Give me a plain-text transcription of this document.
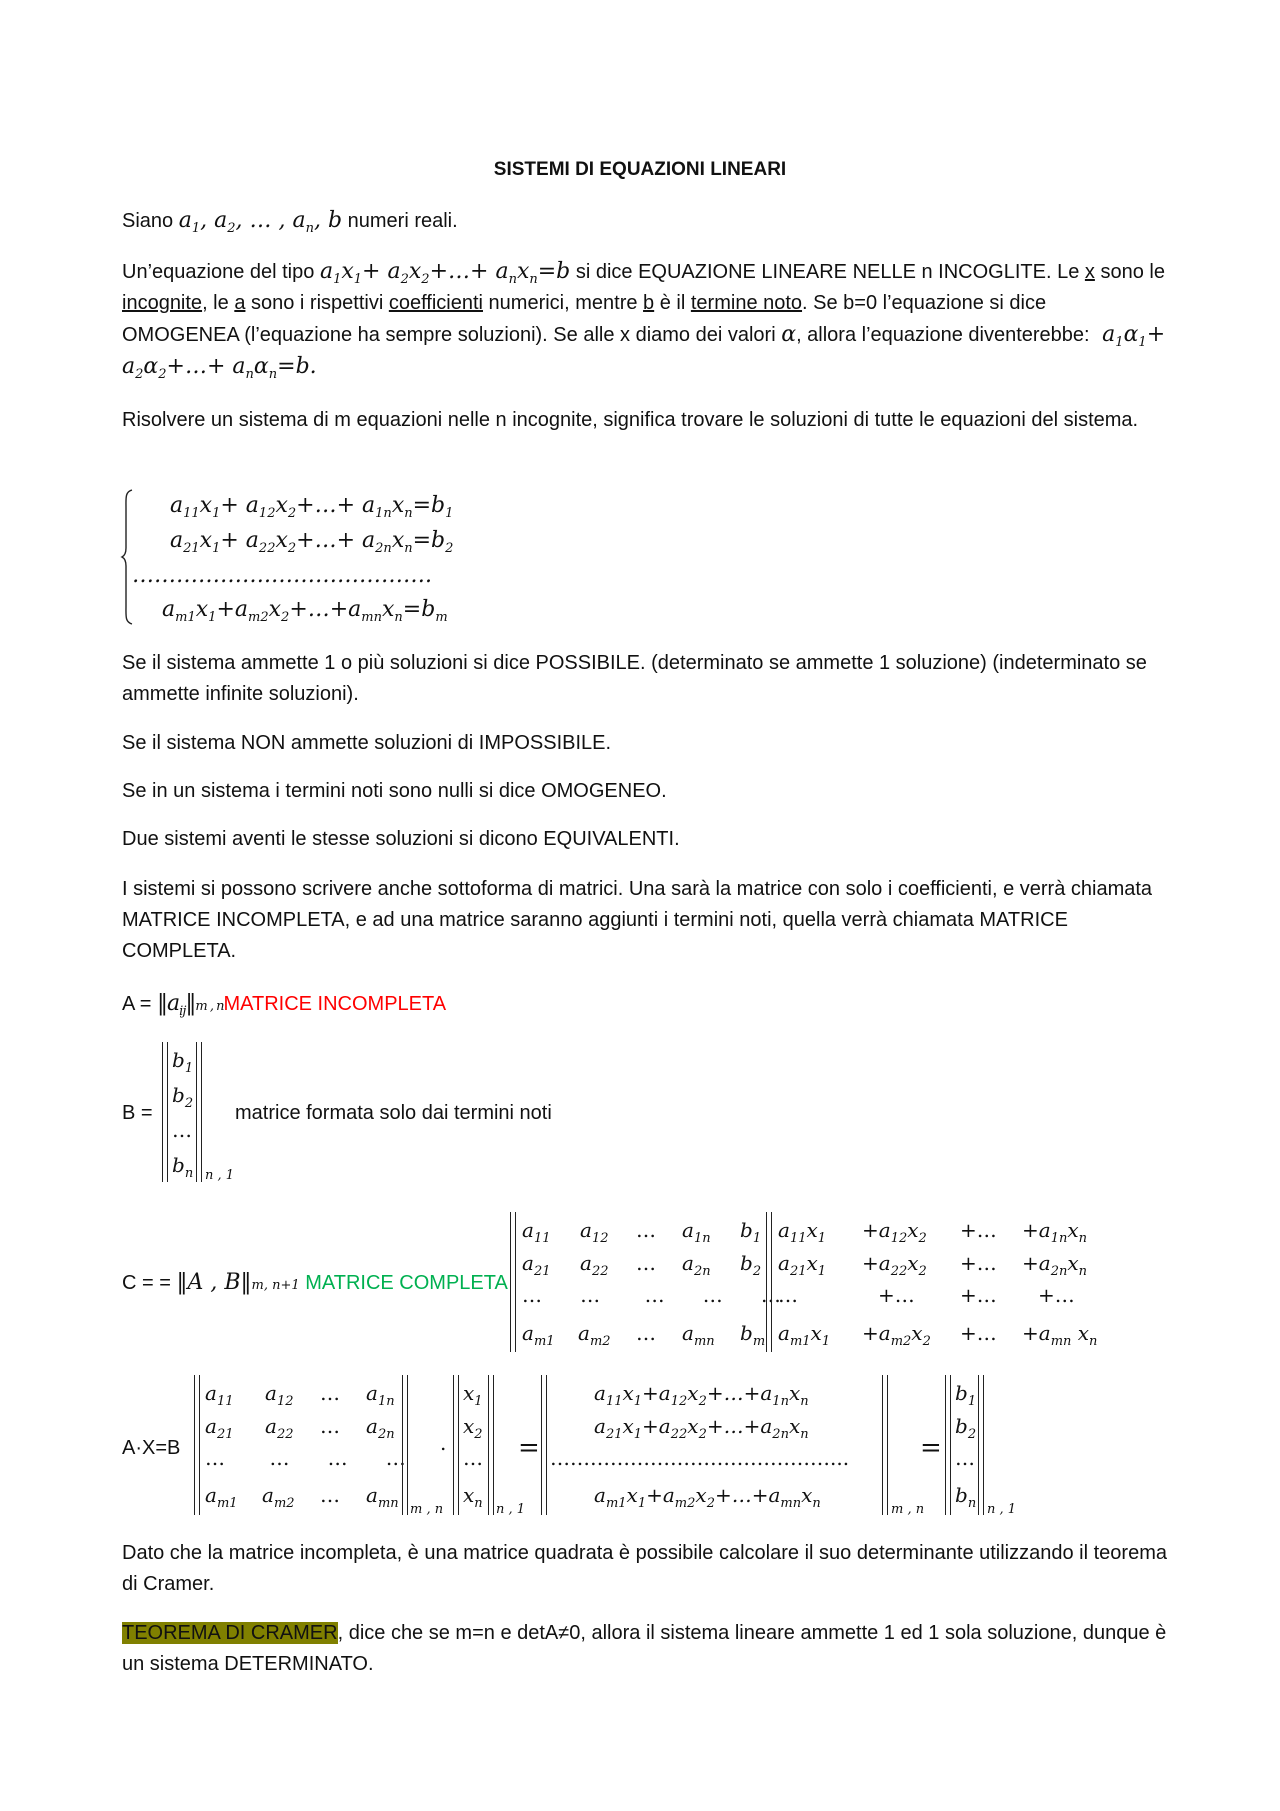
SISTEMI DI EQUAZIONI LINEARI

Siano $a_1$, $a_2$, … , $a_n$, b numeri reali.

Un’equazione del tipo $a_1x_1+$ $a_2x_2+\dots+ a_nx_n=b$ si dice EQUAZIONE LINEARE NELLE n INCOGLITE. Le x sono le incognite, le a sono i rispettivi coefficienti numerici, mentre b è il termine noto. Se b=0 l’equazione si dice OMOGENEA (l’equazione ha sempre soluzioni). Se alle x diamo dei valori α, allora l’equazione diventerebbe:  $a_1\alpha_1+$ $a_2\alpha_2+\dots+ a_n\alpha_n=b$.

Risolvere un sistema di m equazioni nelle n incognite, significa trovare le soluzioni di tutte le equazioni del sistema.

$a_{11}x_1+$ $a_{12}x_2+\dots+ a_{1n}x_n=b_1$
$a_{21}x_1+$ $a_{22}x_2+\dots+ a_{2n}x_n=b_2$
……………….………………….
$a_{m1}x_1+a_{m2}x_2+\dots+a_{mn}x_n=b_m$

Se il sistema ammette 1 o più soluzioni si dice POSSIBILE. (determinato se ammette 1 soluzione) (indeterminato se ammette infinite soluzioni).

Se il sistema NON ammette soluzioni di IMPOSSIBILE.

Se in un sistema i termini noti sono nulli si dice OMOGENEO.

Due sistemi aventi le stesse soluzioni si dicono EQUIVALENTI.

I sistemi si possono scrivere anche sottoforma di matrici. Una sarà la matrice con solo i coefficienti, e verrà chiamata MATRICE INCOMPLETA, e ad una matrice saranno aggiunti i termini noti, quella verrà chiamata MATRICE COMPLETA.

$A = ‖a_{ij}‖m$ , nMATRICE INCOMPLETA
B =
$b_1$
$b_2$
…
$b_n$ n , 1
matrice formata solo dai termini noti
C = = ‖A , B‖m, n+1 MATRICE COMPLETA
$a_{11}$ $a_{12}$ … $a_{1n}$ $b_1$
$a_{21}$ $a_{22}$ … $a_{2n}$ $b_2$
…      …       …      …      …
$a_{m1}$ $a_{m2}$ … $a_{mn}$ $b_m$
$a_{11}x_1 +a_{12}x_2$ +… $+a_{1n}x_n$
$a_{21}x_1 +a_{22}x_2$ +… $+a_{2n}x_n$
…	+… +… +…
$a_{m1}x_1 +a_{m2}x_2$ +… $+a_{mn}$ $x_n$
A·X=B
$a_{11}$ $a_{12}$ … $a_{1n}$
$a_{21}$ $a_{22}$ … $a_{2n}$
…       …      …      …
$a_{m1}$ $a_{m2}$ … $a_{mn}$ m , n
.
$x_1$
$x_2$
…
$x_n$ n , 1
=
$a_{11}x_1+a_{12}x_2+\dots+a_{1n}x_n$
$a_{21}x_1+a_{22}x_2+\dots+a_{2n}x_n$
……………………………………...
$a_{m1}x_1+a_{m2}x_2+\dots+a_{mn}x_n$	m , n
=
$b_1$
$b_2$
…
$b_n$ n , 1

Dato che la matrice incompleta, è una matrice quadrata è possibile calcolare il suo determinante utilizzando il teorema di Cramer.

TEOREMA DI CRAMER, dice che se m=n e detA≠0, allora il sistema lineare ammette 1 ed 1 sola soluzione, dunque è un sistema DETERMINATO.
